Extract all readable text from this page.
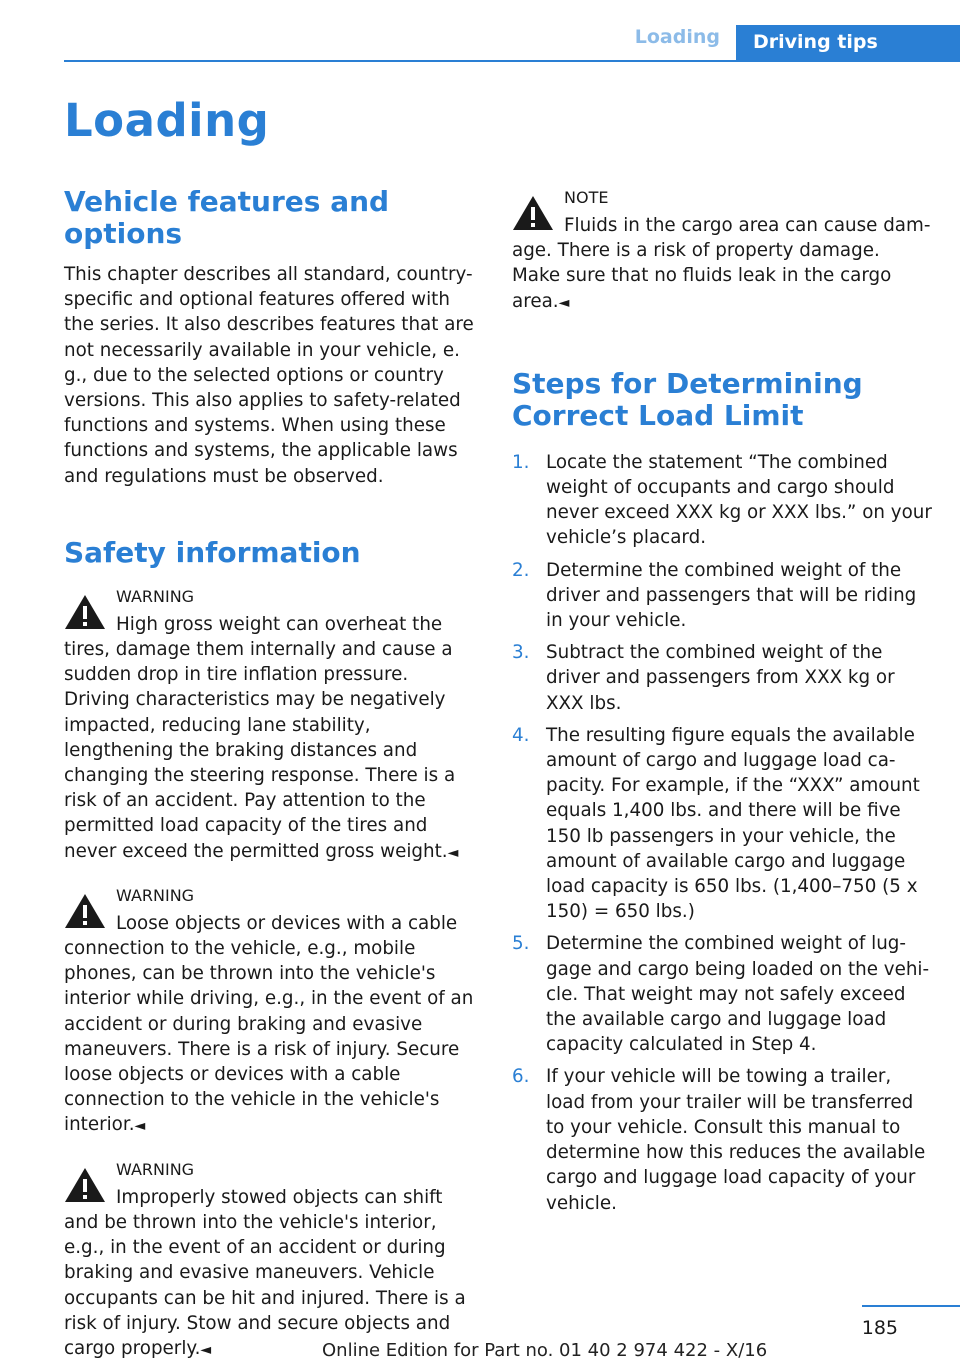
Loading	Driving tips
Loading
Vehicle features and options

This chapter describes all standard, country-specific and optional features offered with the series. It also describes features that are not necessarily available in your vehicle, e. g., due to the selected options or country versions. This also applies to safety-related functions and systems. When using these functions and systems, the applicable laws and regulations must be observed.

Safety information
WARNING

High gross weight can overheat the tires, damage them internally and cause a sudden drop in tire inflation pressure. Driving characteristics may be negatively impacted, reducing lane stability, lengthening the braking distances and changing the steering response. There is a risk of an accident. Pay attention to the permitted load capacity of the tires and never exceed the permitted gross weight.◄

WARNING

Loose objects or devices with a cable connection to the vehicle, e.g., mobile phones, can be thrown into the vehicle's interior while driving, e.g., in the event of an accident or during braking and evasive maneuvers. There is a risk of injury. Secure loose objects or devices with a cable connection to the vehicle in the vehicle's interior.◄

WARNING

Improperly stowed objects can shift and be thrown into the vehicle's interior, e.g., in the event of an accident or during braking and evasive maneuvers. Vehicle occupants can be hit and injured. There is a risk of injury. Stow and secure objects and cargo properly.◄

NOTE

Fluids in the cargo area can cause damage. There is a risk of property damage. Make sure that no fluids leak in the cargo area.◄

Steps for Determining Correct Load Limit
1. Locate the statement “The combined weight of occupants and cargo should never exceed XXX kg or XXX lbs.” on your vehicle’s placard.
2. Determine the combined weight of the driver and passengers that will be riding in your vehicle.
3. Subtract the combined weight of the driver and passengers from XXX kg or XXX lbs.
4. The resulting figure equals the available amount of cargo and luggage load capacity. For example, if the “XXX” amount equals 1,400 lbs. and there will be five 150 lb passengers in your vehicle, the amount of available cargo and luggage load capacity is 650 lbs. (1,400–750 (5 x 150) = 650 lbs.)
5. Determine the combined weight of luggage and cargo being loaded on the vehicle. That weight may not safely exceed the available cargo and luggage load capacity calculated in Step 4.
6. If your vehicle will be towing a trailer, load from your trailer will be transferred to your vehicle. Consult this manual to determine how this reduces the available cargo and luggage load capacity of your vehicle.
185
Online Edition for Part no. 01 40 2 974 422 - X/16
